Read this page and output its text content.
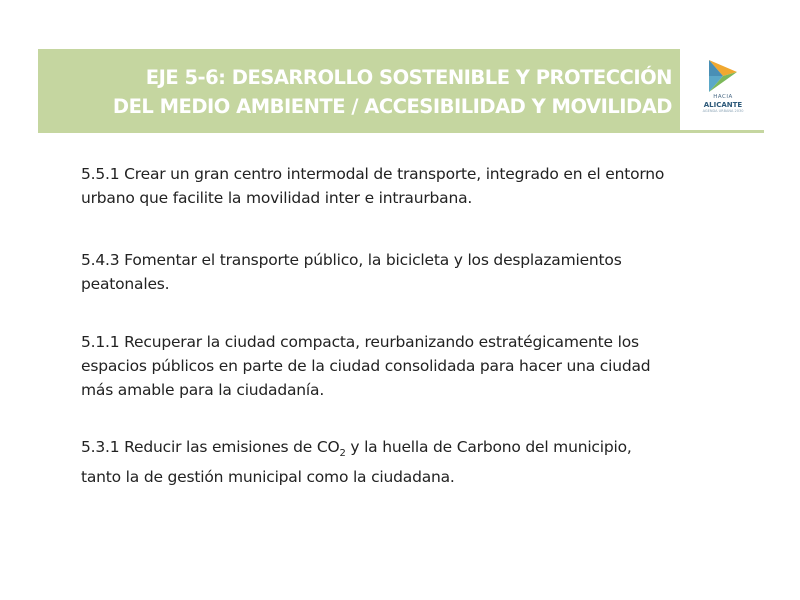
EJE 5-6: DESARROLLO SOSTENIBLE Y PROTECCIÓN
DEL MEDIO AMBIENTE / ACCESIBILIDAD Y MOVILIDAD	HACIA
ALICANTE
AGENDA URBANA 2030

5.5.1 Crear un gran centro intermodal de transporte, integrado en el entorno
urbano que facilite la movilidad inter e intraurbana.

5.4.3 Fomentar el transporte público, la bicicleta y los desplazamientos
peatonales.

5.1.1 Recuperar la ciudad compacta, reurbanizando estratégicamente los
espacios públicos en parte de la ciudad consolidada para hacer una ciudad
más amable para la ciudadanía.

5.3.1 Reducir las emisiones de $CO_2$ y la huella de Carbono del municipio,
tanto la de gestión municipal como la ciudadana.
